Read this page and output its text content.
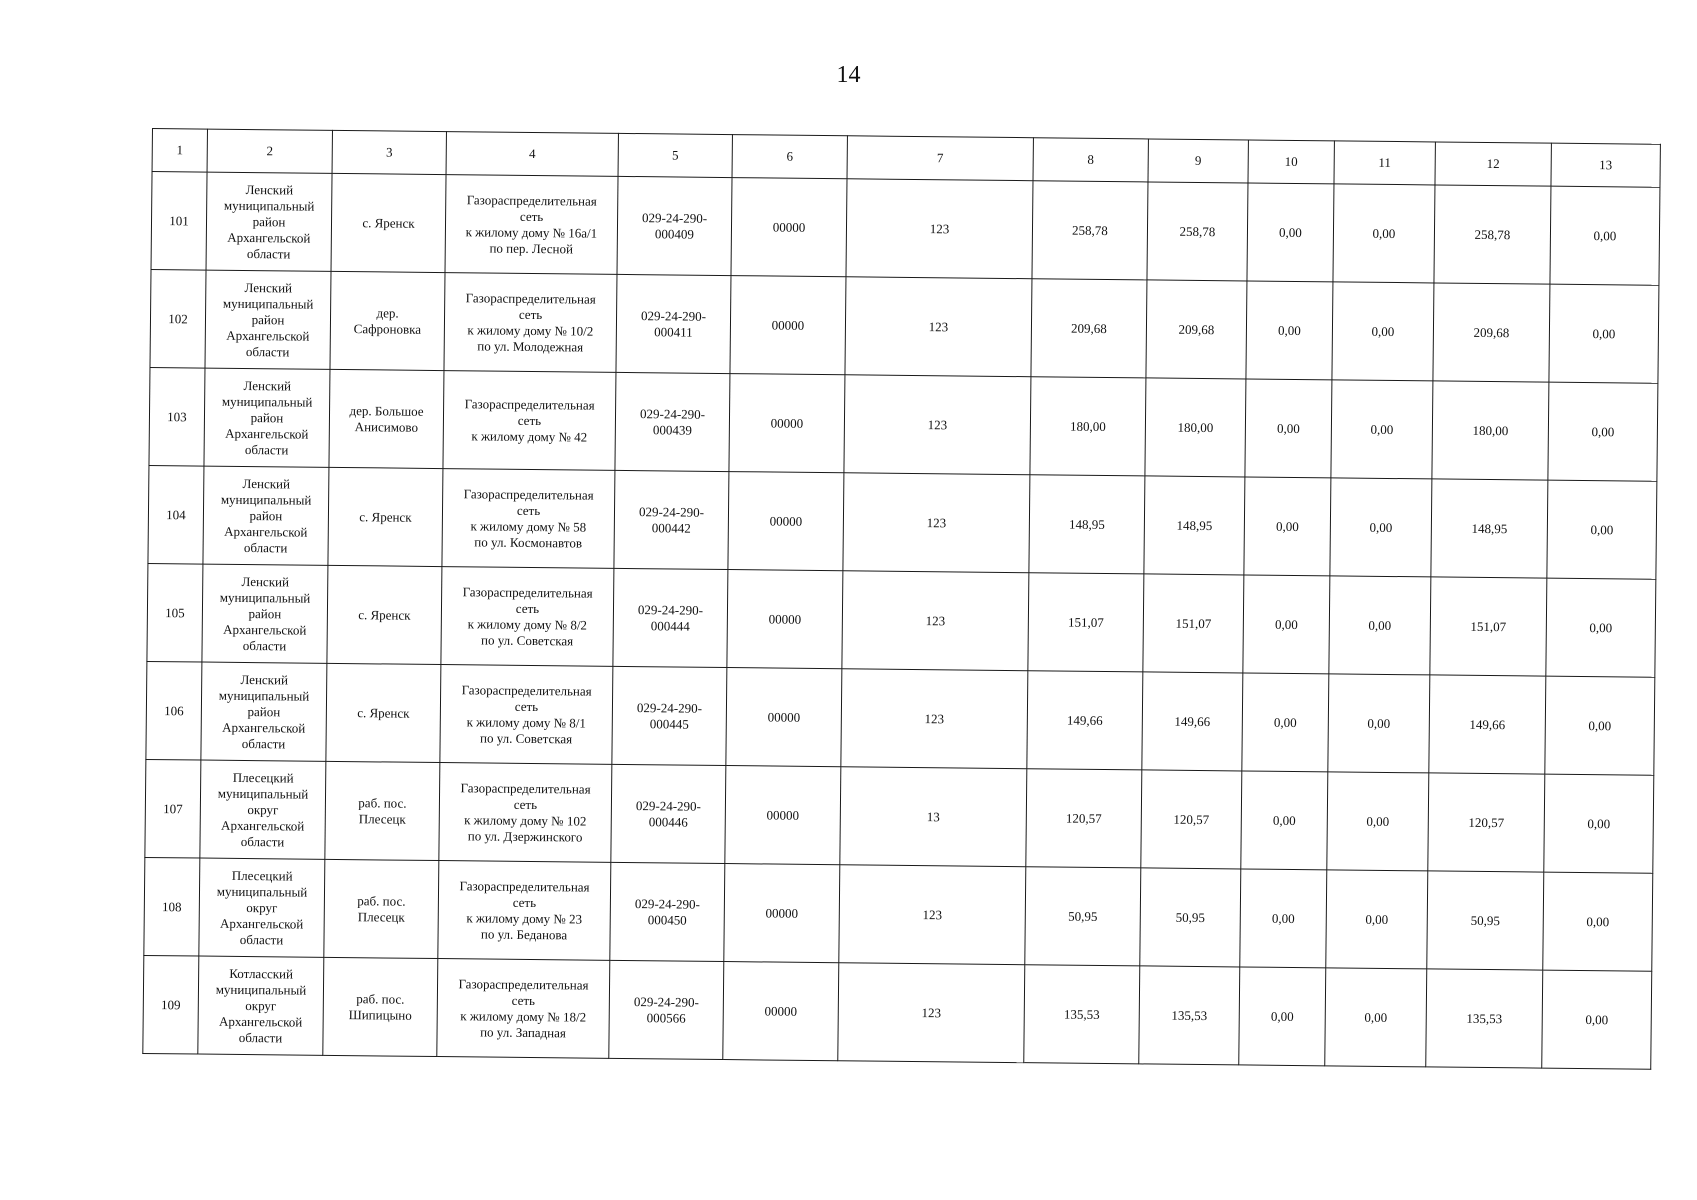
14
1	2	3	4	5	6	7	8	9	10	11	12	13
101	Ленский
муниципальный
район
Архангельской
области	с. Яренск	Газораспределительная
сеть
к жилому дому № 16а/1
по пер. Лесной	029-24-290-
000409	00000	123	258,78	258,78	0,00	0,00	258,78	0,00
102	Ленский
муниципальный
район
Архангельской
области	дер.
Сафроновка	Газораспределительная
сеть
к жилому дому № 10/2
по ул. Молодежная	029-24-290-
000411	00000	123	209,68	209,68	0,00	0,00	209,68	0,00
103	Ленский
муниципальный
район
Архангельской
области	дер. Большое
Анисимово	Газораспределительная
сеть
к жилому дому № 42	029-24-290-
000439	00000	123	180,00	180,00	0,00	0,00	180,00	0,00
104	Ленский
муниципальный
район
Архангельской
области	с. Яренск	Газораспределительная
сеть
к жилому дому № 58
по ул. Космонавтов	029-24-290-
000442	00000	123	148,95	148,95	0,00	0,00	148,95	0,00
105	Ленский
муниципальный
район
Архангельской
области	с. Яренск	Газораспределительная
сеть
к жилому дому № 8/2
по ул. Советская	029-24-290-
000444	00000	123	151,07	151,07	0,00	0,00	151,07	0,00
106	Ленский
муниципальный
район
Архангельской
области	с. Яренск	Газораспределительная
сеть
к жилому дому № 8/1
по ул. Советская	029-24-290-
000445	00000	123	149,66	149,66	0,00	0,00	149,66	0,00
107	Плесецкий
муниципальный
округ
Архангельской
области	раб. пос.
Плесецк	Газораспределительная
сеть
к жилому дому № 102
по ул. Дзержинского	029-24-290-
000446	00000	13	120,57	120,57	0,00	0,00	120,57	0,00
108	Плесецкий
муниципальный
округ
Архангельской
области	раб. пос.
Плесецк	Газораспределительная
сеть
к жилому дому № 23
по ул. Беданова	029-24-290-
000450	00000	123	50,95	50,95	0,00	0,00	50,95	0,00
109	Котласский
муниципальный
округ
Архангельской
области	раб. пос.
Шипицыно	Газораспределительная
сеть
к жилому дому № 18/2
по ул. Западная	029-24-290-
000566	00000	123	135,53	135,53	0,00	0,00	135,53	0,00
